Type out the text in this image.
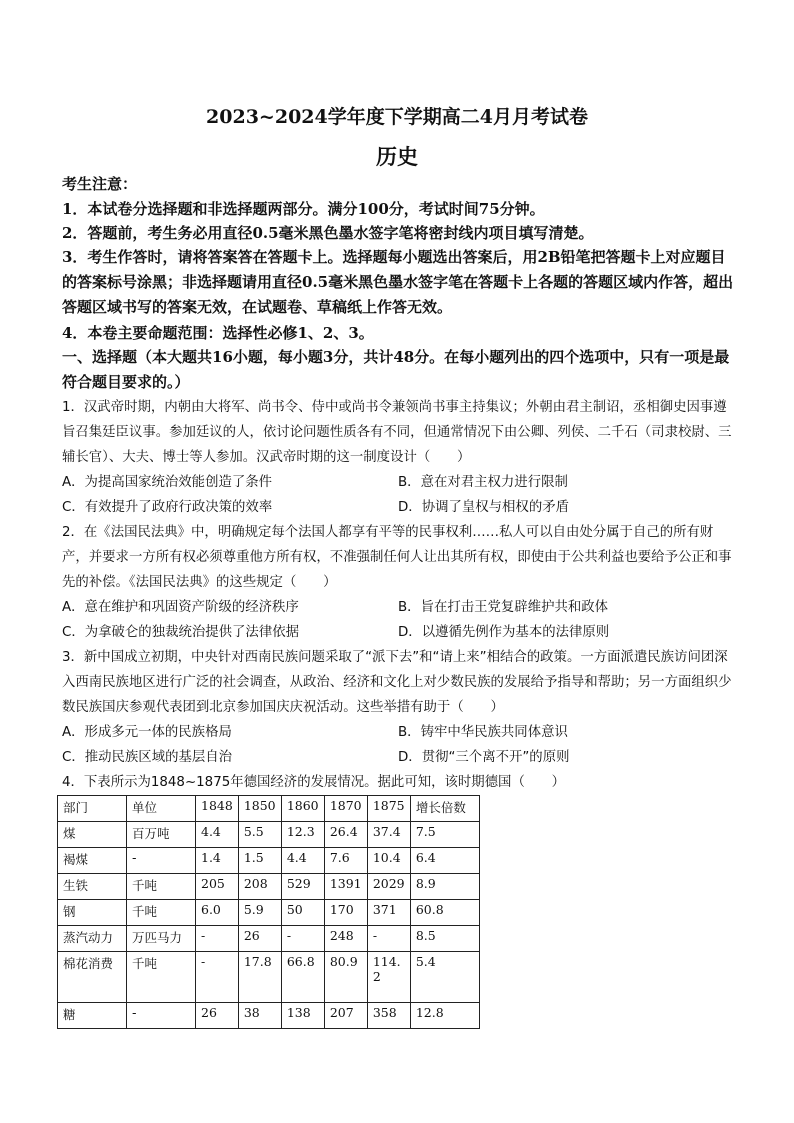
2023~2024学年度下学期高二4月月考试卷
历史
考生注意：
1．本试卷分选择题和非选择题两部分。满分100分，考试时间75分钟。
2．答题前，考生务必用直径0.5毫米黑色墨水签字笔将密封线内项目填写清楚。
3．考生作答时，请将答案答在答题卡上。选择题每小题选出答案后，用2B铅笔把答题卡上对应题目的答案标号涂黑；非选择题请用直径0.5毫米黑色墨水签字笔在答题卡上各题的答题区域内作答，超出答题区域书写的答案无效，在试题卷、草稿纸上作答无效。
4．本卷主要命题范围：选择性必修1、2、3。
一、选择题（本大题共16小题，每小题3分，共计48分。在每小题列出的四个选项中，只有一项是最符合题目要求的。）
1．汉武帝时期，内朝由大将军、尚书令、侍中或尚书令兼领尚书事主持集议；外朝由君主制诏，丞相御史因事遵旨召集廷臣议事。参加廷议的人，依讨论问题性质各有不同，但通常情况下由公卿、列侯、二千石（司隶校尉、三辅长官）、大夫、博士等人参加。汉武帝时期的这一制度设计（　　）
A．为提高国家统治效能创造了条件	B．意在对君主权力进行限制
C．有效提升了政府行政决策的效率	D．协调了皇权与相权的矛盾
2．在《法国民法典》中，明确规定每个法国人都享有平等的民事权利……私人可以自由处分属于自己的所有财产，并要求一方所有权必须尊重他方所有权，不准强制任何人让出其所有权，即使由于公共利益也要给予公正和事先的补偿。《法国民法典》的这些规定（　　）
A．意在维护和巩固资产阶级的经济秩序	B．旨在打击王党复辟维护共和政体
C．为拿破仑的独裁统治提供了法律依据	D．以遵循先例作为基本的法律原则
3．新中国成立初期，中央针对西南民族问题采取了“派下去”和“请上来”相结合的政策。一方面派遣民族访问团深入西南民族地区进行广泛的社会调查，从政治、经济和文化上对少数民族的发展给予指导和帮助；另一方面组织少数民族国庆参观代表团到北京参加国庆庆祝活动。这些举措有助于（　　）
A．形成多元一体的民族格局	B．铸牢中华民族共同体意识
C．推动民族区域的基层自治	D．贯彻“三个离不开”的原则
4．下表所示为1848~1875年德国经济的发展情况。据此可知，该时期德国（　　）
部门	单位	1848	1850	1860	1870	1875	增长倍数
煤	百万吨	4.4	5.5	12.3	26.4	37.4	7.5
褐煤	-	1.4	1.5	4.4	7.6	10.4	6.4
生铁	千吨	205	208	529	1391	2029	8.9
钢	千吨	6.0	5.9	50	170	371	60.8
蒸汽动力	万匹马力	-	26	-	248	-	8.5
棉花消费	千吨	-	17.8	66.8	80.9	114.2	5.4
糖	-	26	38	138	207	358	12.8
